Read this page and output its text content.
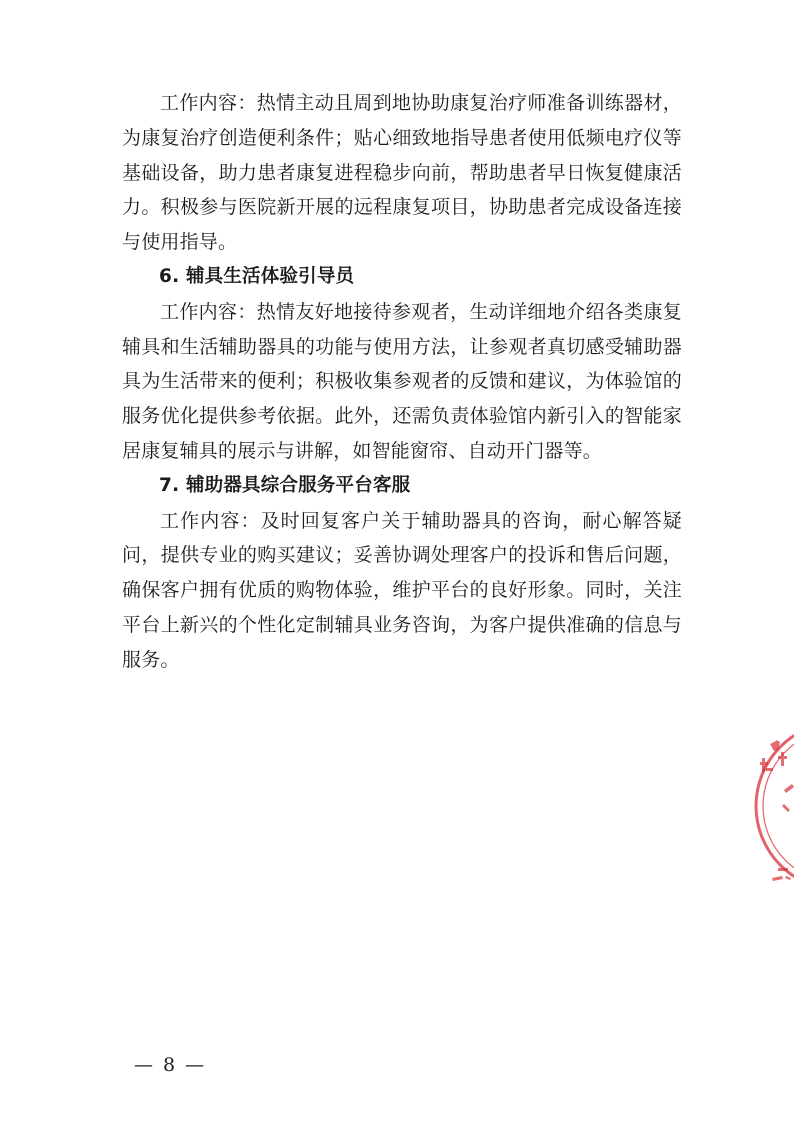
工作内容：热情主动且周到地协助康复治疗师准备训练器材，为康复治疗创造便利条件；贴心细致地指导患者使用低频电疗仪等基础设备，助力患者康复进程稳步向前，帮助患者早日恢复健康活力。积极参与医院新开展的远程康复项目，协助患者完成设备连接与使用指导。

6. 辅具生活体验引导员

工作内容：热情友好地接待参观者，生动详细地介绍各类康复辅具和生活辅助器具的功能与使用方法，让参观者真切感受辅助器具为生活带来的便利；积极收集参观者的反馈和建议，为体验馆的服务优化提供参考依据。此外，还需负责体验馆内新引入的智能家居康复辅具的展示与讲解，如智能窗帘、自动开门器等。

7. 辅助器具综合服务平台客服

工作内容：及时回复客户关于辅助器具的咨询，耐心解答疑问，提供专业的购买建议；妥善协调处理客户的投诉和售后问题，确保客户拥有优质的购物体验，维护平台的良好形象。同时，关注平台上新兴的个性化定制辅具业务咨询，为客户提供准确的信息与服务。

— 8 —
